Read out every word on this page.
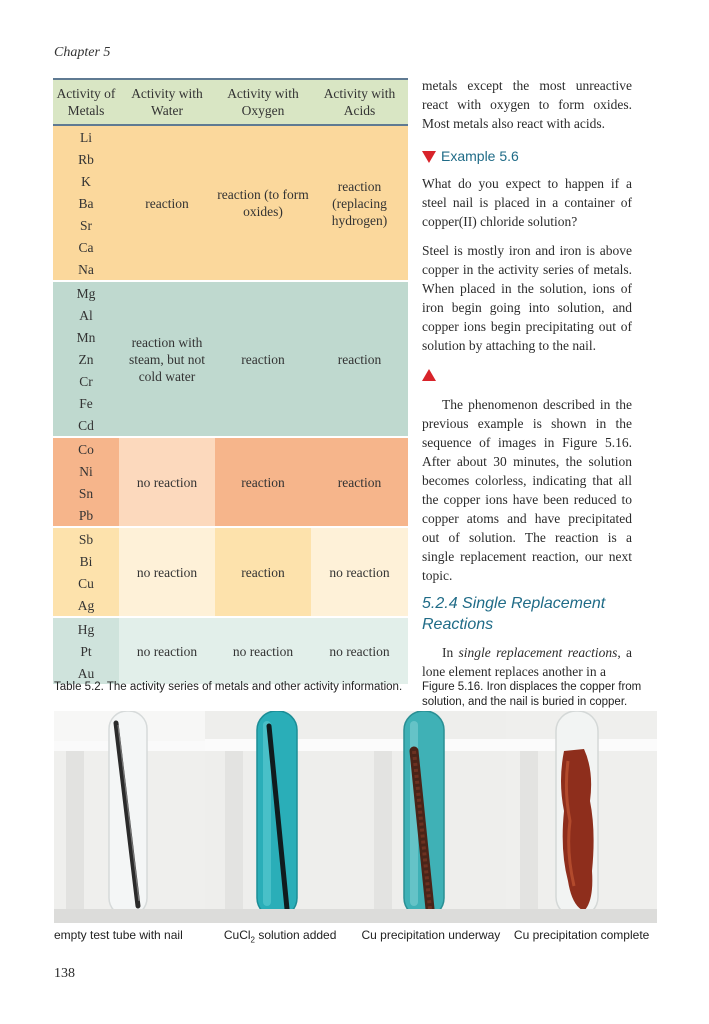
Chapter 5
Activity of Metals	Activity with Water	Activity with Oxygen	Activity with Acids
Li	reaction	reaction (to form oxides)	reaction (replacing hydrogen)
Rb			
K			
Ba			
Sr			
Ca			
Na			
Mg	reaction with steam, but not cold water	reaction	reaction
Al			
Mn			
Zn			
Cr			
Fe			
Cd			
Co	no reaction	reaction	reaction
Ni			
Sn			
Pb			
Sb	no reaction	reaction	no reaction
Bi			
Cu			
Ag			
Hg	no reaction	no reaction	no reaction
Pt			
Au			
Table 5.2. The activity series of metals and other activity information.

metals except the most unreactive react with oxygen to form oxides. Most metals also react with acids.

Example 5.6

What do you expect to happen if a steel nail is placed in a container of copper(II) chloride solution?

Steel is mostly iron and iron is above copper in the activity series of metals. When placed in the solution, ions of iron begin going into solution, and copper ions begin precipitating out of solution by attaching to the nail.

The phenomenon described in the previous example is shown in the sequence of images in Figure 5.16. After about 30 minutes, the solution becomes colorless, indicating that all the copper ions have been reduced to copper atoms and have precipitated out of solution. The reaction is a single replacement reaction, our next topic.

5.2.4 Single Replacement Reactions

In single replacement reactions, a lone element replaces another in a

Figure 5.16. Iron displaces the copper from solution, and the nail is buried in copper.
empty test tube with nail	CuCl$_2$ solution added	Cu precipitation underway	Cu precipitation complete
138
